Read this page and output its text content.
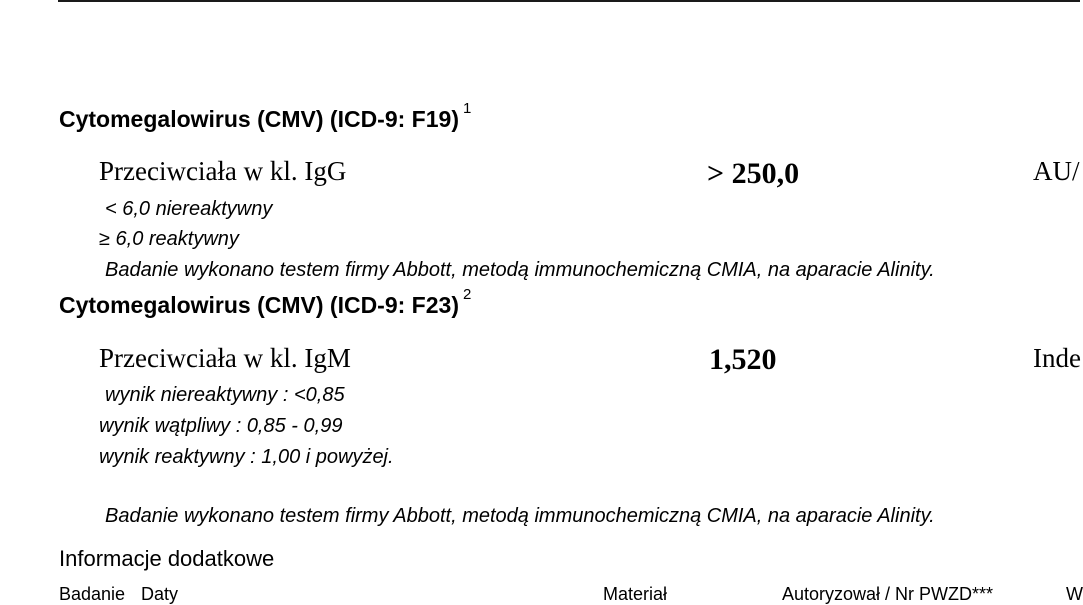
Cytomegalowirus (CMV) (ICD-9: F19) $^1$
Przeciwciała w kl. IgG	> 250,0	AU/
< 6,0 niereaktywny
≥ 6,0 reaktywny
Badanie wykonano testem firmy Abbott, metodą immunochemiczną CMIA, na aparacie Alinity.
Cytomegalowirus (CMV) (ICD-9: F23) $^2$
Przeciwciała w kl. IgM	1,520	Inde
wynik niereaktywny : <0,85
wynik wątpliwy : 0,85 - 0,99
wynik reaktywny : 1,00 i powyżej.
Badanie wykonano testem firmy Abbott, metodą immunochemiczną CMIA, na aparacie Alinity.
Informacje dodatkowe
Badanie Daty	Materiał	Autoryzował / Nr PWZD***	W
